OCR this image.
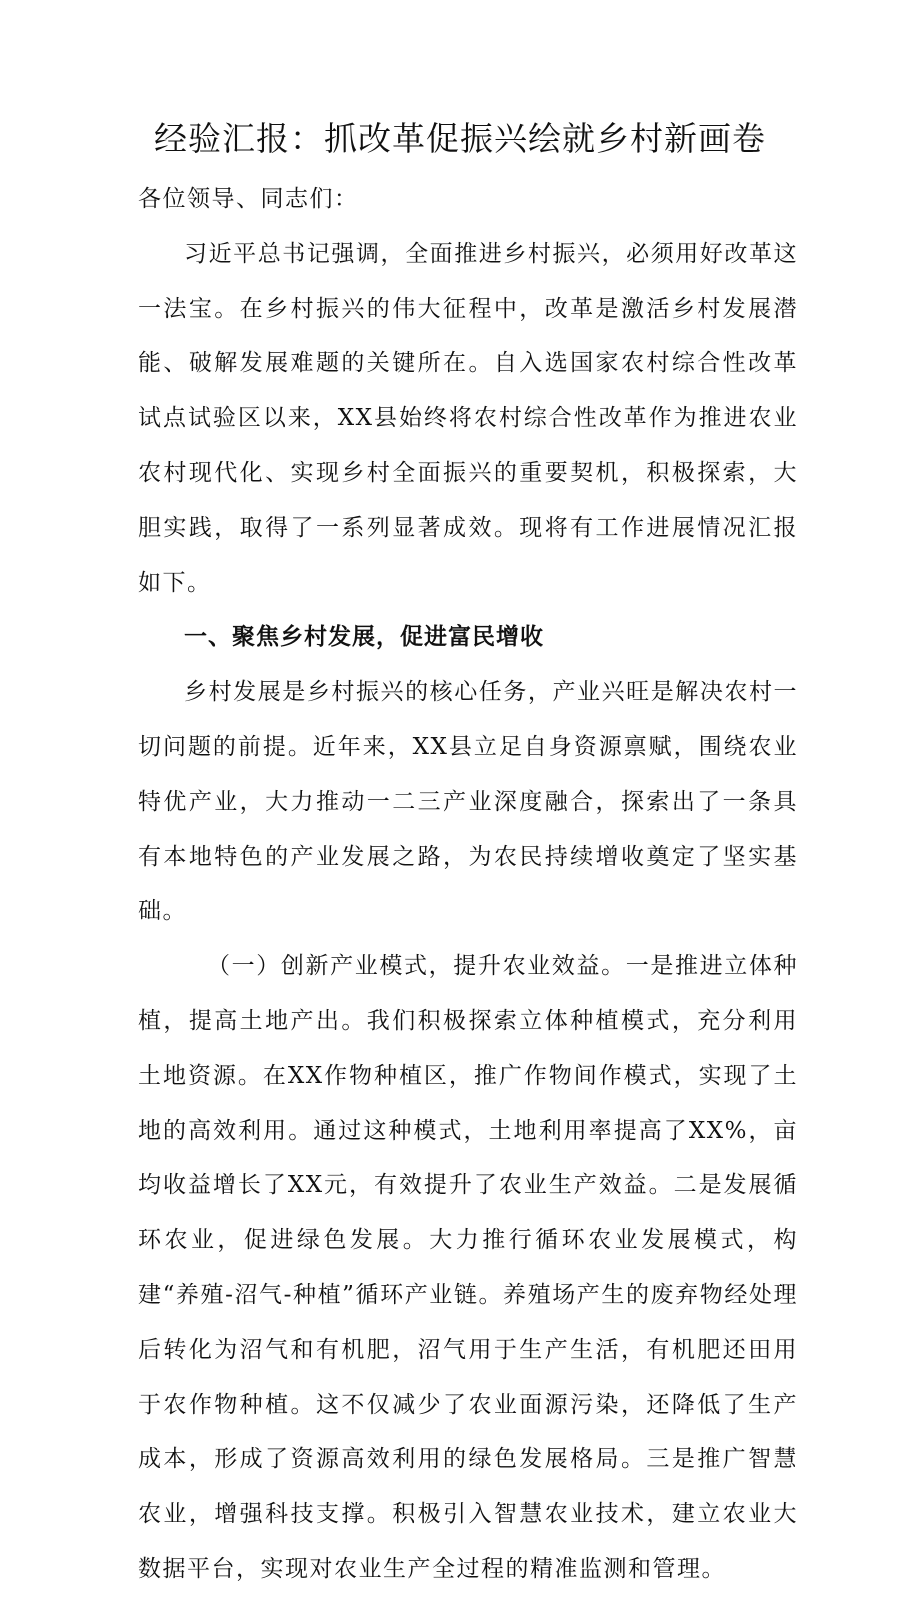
经验汇报：抓改革促振兴绘就乡村新画卷

各位领导、同志们：

习近平总书记强调，全面推进乡村振兴，必须用好改革这一法宝。在乡村振兴的伟大征程中，改革是激活乡村发展潜能、破解发展难题的关键所在。自入选国家农村综合性改革试点试验区以来，XX县始终将农村综合性改革作为推进农业农村现代化、实现乡村全面振兴的重要契机，积极探索，大胆实践，取得了一系列显著成效。现将有工作进展情况汇报如下。

一、聚焦乡村发展，促进富民增收

乡村发展是乡村振兴的核心任务，产业兴旺是解决农村一切问题的前提。近年来，XX县立足自身资源禀赋，围绕农业特优产业，大力推动一二三产业深度融合，探索出了一条具有本地特色的产业发展之路，为农民持续增收奠定了坚实基础。

（一）创新产业模式，提升农业效益。一是推进立体种植，提高土地产出。我们积极探索立体种植模式，充分利用土地资源。在XX作物种植区，推广作物间作模式，实现了土地的高效利用。通过这种模式，土地利用率提高了XX%，亩均收益增长了XX元，有效提升了农业生产效益。二是发展循环农业，促进绿色发展。大力推行循环农业发展模式，构建“养殖-沼气-种植”循环产业链。养殖场产生的废弃物经处理后转化为沼气和有机肥，沼气用于生产生活，有机肥还田用于农作物种植。这不仅减少了农业面源污染，还降低了生产成本，形成了资源高效利用的绿色发展格局。三是推广智慧农业，增强科技支撑。积极引入智慧农业技术，建立农业大数据平台，实现对农业生产全过程的精准监测和管理。
